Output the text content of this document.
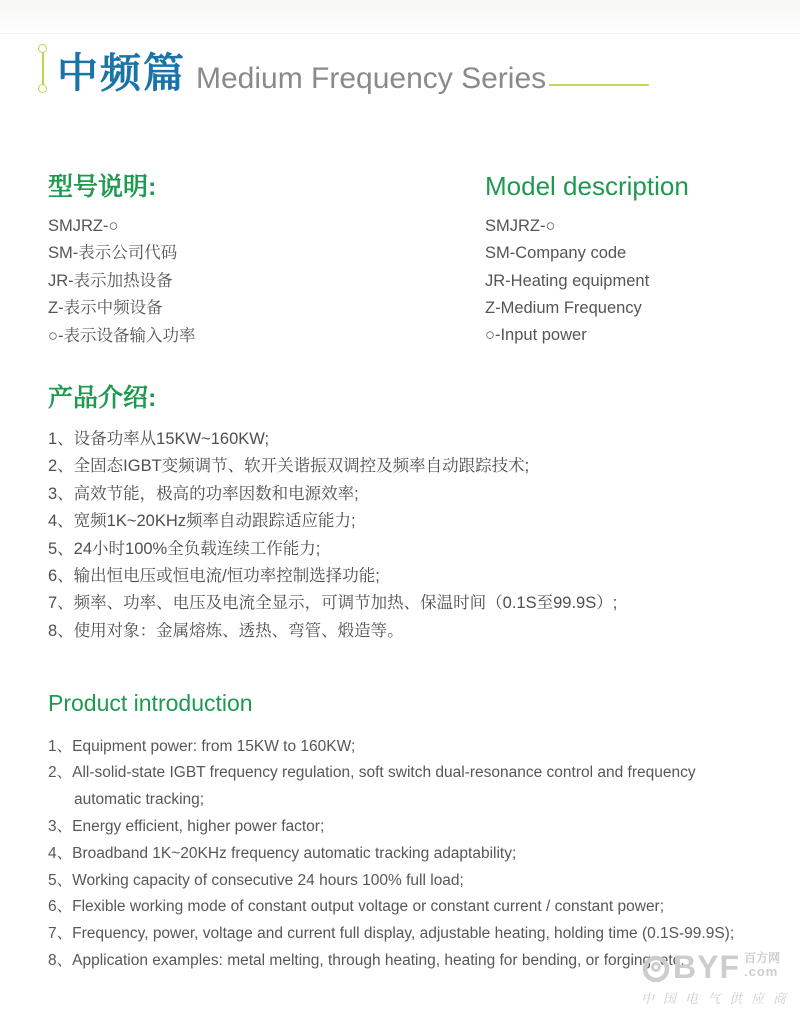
中频篇 Medium Frequency Series
型号说明:
SMJRZ-○
SM-表示公司代码
JR-表示加热设备
Z-表示中频设备
○-表示设备输入功率
Model description
SMJRZ-○
SM-Company code
JR-Heating equipment
Z-Medium Frequency
○-Input power
产品介绍:
1、设备功率从15KW~160KW;
2、全固态IGBT变频调节、软开关谐振双调控及频率自动跟踪技术;
3、高效节能，极高的功率因数和电源效率;
4、宽频1K~20KHz频率自动跟踪适应能力;
5、24小时100%全负载连续工作能力;
6、输出恒电压或恒电流/恒功率控制选择功能;
7、频率、功率、电压及电流全显示，可调节加热、保温时间（0.1S至99.9S）;
8、使用对象：金属熔炼、透热、弯管、煅造等。
Product introduction
1、Equipment power: from 15KW to 160KW;
2、All-solid-state IGBT frequency regulation, soft switch dual-resonance control and frequency automatic tracking;
3、Energy efficient, higher power factor;
4、Broadband 1K~20KHz frequency automatic tracking adaptability;
5、Working capacity of consecutive 24 hours 100% full load;
6、Flexible working mode of constant output voltage or constant current / constant power;
7、Frequency, power, voltage and current full display, adjustable heating, holding time (0.1S-99.9S);
8、Application examples: metal melting, through heating, heating for bending, or forging, etc.
BYF 百方网
.com
中国电气供应商
